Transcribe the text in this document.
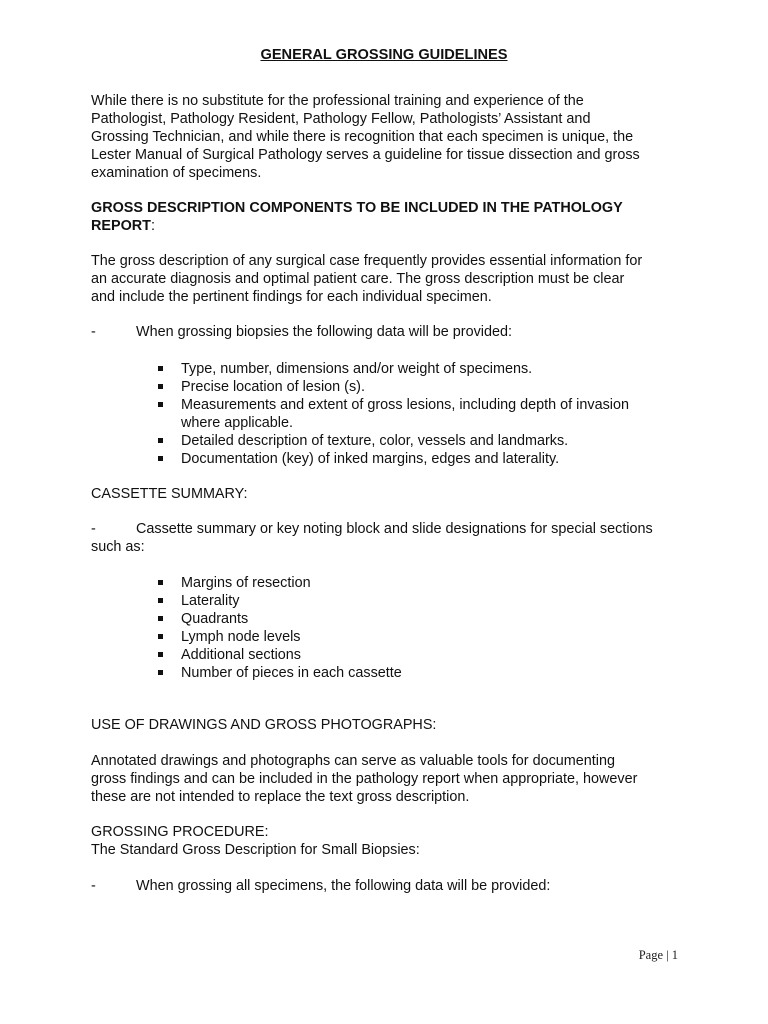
GENERAL GROSSING GUIDELINES

While there is no substitute for the professional training and experience of the
Pathologist, Pathology Resident, Pathology Fellow, Pathologists’ Assistant and
Grossing Technician, and while there is recognition that each specimen is unique, the
Lester Manual of Surgical Pathology serves a guideline for tissue dissection and gross
examination of specimens.

GROSS DESCRIPTION COMPONENTS TO BE INCLUDED IN THE PATHOLOGY
REPORT:

The gross description of any surgical case frequently provides essential information for
an accurate diagnosis and optimal patient care. The gross description must be clear
and include the pertinent findings for each individual specimen.

-	When grossing biopsies the following data will be provided:
Type, number, dimensions and/or weight of specimens.
Precise location of lesion (s).
Measurements and extent of gross lesions, including depth of invasion
where applicable.
Detailed description of texture, color, vessels and landmarks.
Documentation (key) of inked margins, edges and laterality.

CASSETTE SUMMARY:

-	Cassette summary or key noting block and slide designations for special sections
such as:
Margins of resection
Laterality
Quadrants
Lymph node levels
Additional sections
Number of pieces in each cassette

USE OF DRAWINGS AND GROSS PHOTOGRAPHS:

Annotated drawings and photographs can serve as valuable tools for documenting
gross findings and can be included in the pathology report when appropriate, however
these are not intended to replace the text gross description.

GROSSING PROCEDURE:
The Standard Gross Description for Small Biopsies:

-	When grossing all specimens, the following data will be provided:
Page | 1
